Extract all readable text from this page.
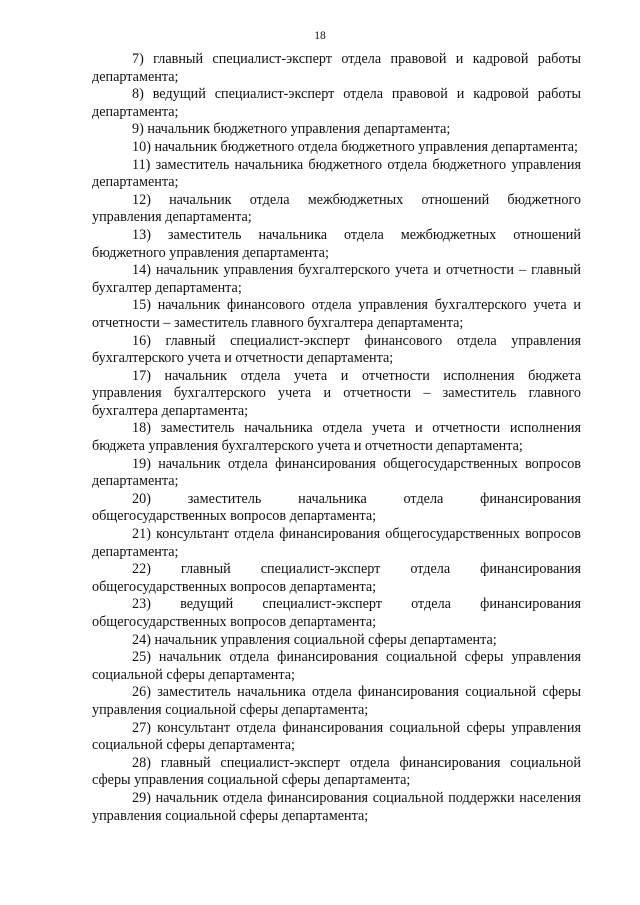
18

7) главный специалист-эксперт отдела правовой и кадровой работы департамента;

8) ведущий специалист-эксперт отдела правовой и кадровой работы департамента;

9) начальник бюджетного управления департамента;

10) начальник бюджетного отдела бюджетного управления департамента;

11) заместитель начальника бюджетного отдела бюджетного управления департамента;

12) начальник отдела межбюджетных отношений бюджетного управления департамента;

13) заместитель начальника отдела межбюджетных отношений бюджетного управления департамента;

14) начальник управления бухгалтерского учета и отчетности – главный бухгалтер департамента;

15) начальник финансового отдела управления бухгалтерского учета и отчетности – заместитель главного бухгалтера департамента;

16) главный специалист-эксперт финансового отдела управления бухгалтерского учета и отчетности департамента;

17) начальник отдела учета и отчетности исполнения бюджета управления бухгалтерского учета и отчетности – заместитель главного бухгалтера департамента;

18) заместитель начальника отдела учета и отчетности исполнения бюджета управления бухгалтерского учета и отчетности департамента;

19) начальник отдела финансирования общегосударственных вопросов департамента;

20) заместитель начальника отдела финансирования общегосударственных вопросов департамента;

21) консультант отдела финансирования общегосударственных вопросов департамента;

22) главный специалист-эксперт отдела финансирования общегосударственных вопросов департамента;

23) ведущий специалист-эксперт отдела финансирования общегосударственных вопросов департамента;

24) начальник управления социальной сферы департамента;

25) начальник отдела финансирования социальной сферы управления социальной сферы департамента;

26) заместитель начальника отдела финансирования социальной сферы управления социальной сферы департамента;

27) консультант отдела финансирования социальной сферы управления социальной сферы департамента;

28) главный специалист-эксперт отдела финансирования социальной сферы управления социальной сферы департамента;

29) начальник отдела финансирования социальной поддержки населения управления социальной сферы департамента;
